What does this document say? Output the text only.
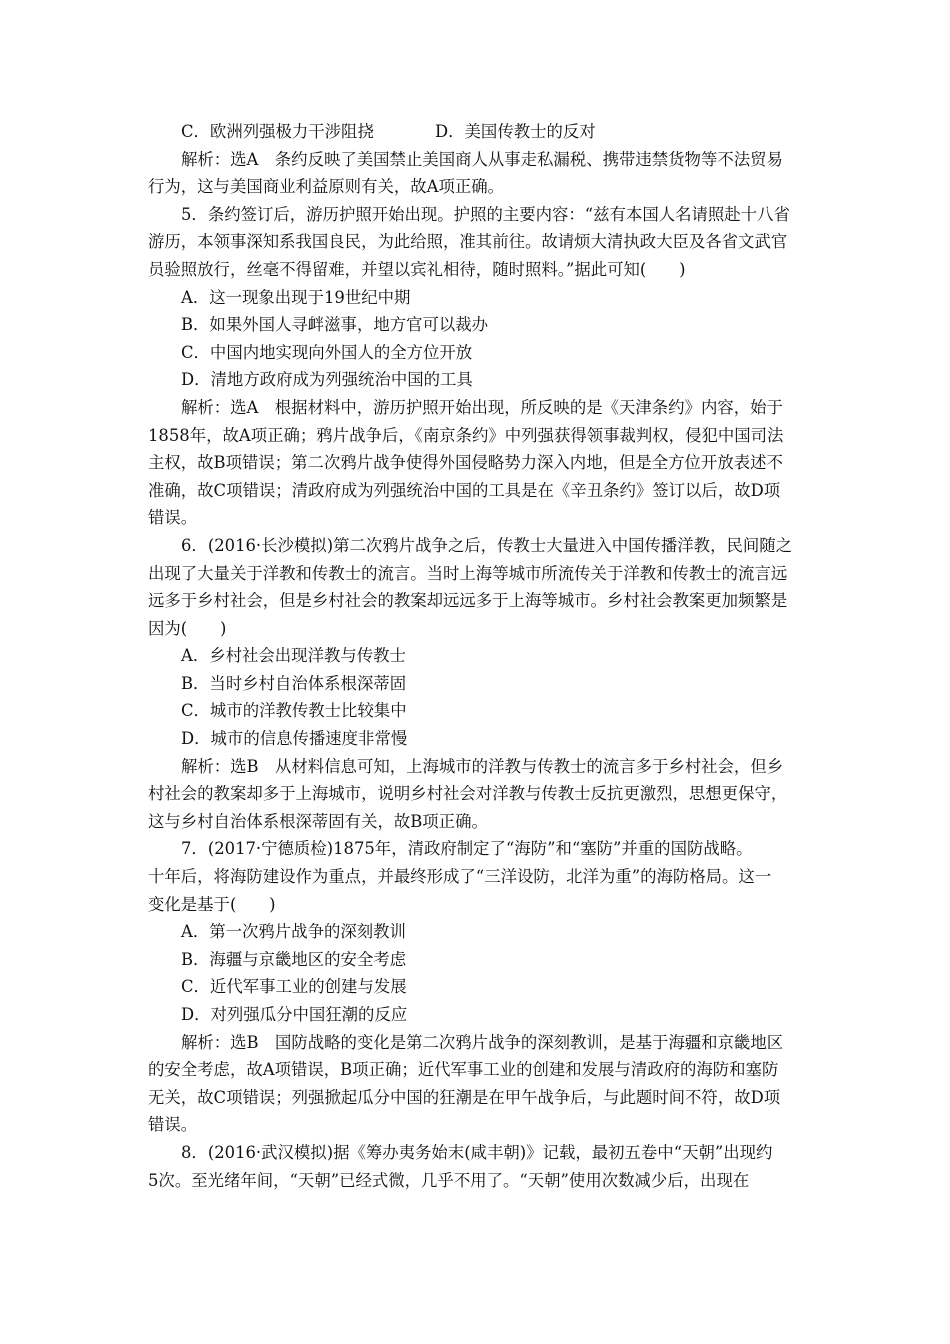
C．欧洲列强极力干涉阻挠	D．美国传教士的反对

解析：选A　条约反映了美国禁止美国商人从事走私漏税、携带违禁货物等不法贸易

行为，这与美国商业利益原则有关，故A项正确。

5．条约签订后，游历护照开始出现。护照的主要内容：“兹有本国人名请照赴十八省

游历，本领事深知系我国良民，为此给照，准其前往。故请烦大清执政大臣及各省文武官

员验照放行，丝毫不得留难，并望以宾礼相待，随时照料。”据此可知(　　)

A．这一现象出现于19世纪中期

B．如果外国人寻衅滋事，地方官可以裁办

C．中国内地实现向外国人的全方位开放

D．清地方政府成为列强统治中国的工具

解析：选A　根据材料中，游历护照开始出现，所反映的是《天津条约》内容，始于

1858年，故A项正确；鸦片战争后，《南京条约》中列强获得领事裁判权，侵犯中国司法

主权，故B项错误；第二次鸦片战争使得外国侵略势力深入内地，但是全方位开放表述不

准确，故C项错误；清政府成为列强统治中国的工具是在《辛丑条约》签订以后，故D项

错误。

6．(2016·长沙模拟)第二次鸦片战争之后，传教士大量进入中国传播洋教，民间随之

出现了大量关于洋教和传教士的流言。当时上海等城市所流传关于洋教和传教士的流言远

远多于乡村社会，但是乡村社会的教案却远远多于上海等城市。乡村社会教案更加频繁是

因为(　　)

A．乡村社会出现洋教与传教士

B．当时乡村自治体系根深蒂固

C．城市的洋教传教士比较集中

D．城市的信息传播速度非常慢

解析：选B　从材料信息可知，上海城市的洋教与传教士的流言多于乡村社会，但乡

村社会的教案却多于上海城市，说明乡村社会对洋教与传教士反抗更激烈，思想更保守，

这与乡村自治体系根深蒂固有关，故B项正确。

7．(2017·宁德质检)1875年，清政府制定了“海防”和“塞防”并重的国防战略。

十年后，将海防建设作为重点，并最终形成了“三洋设防，北洋为重”的海防格局。这一

变化是基于(　　)

A．第一次鸦片战争的深刻教训

B．海疆与京畿地区的安全考虑

C．近代军事工业的创建与发展

D．对列强瓜分中国狂潮的反应

解析：选B　国防战略的变化是第二次鸦片战争的深刻教训，是基于海疆和京畿地区

的安全考虑，故A项错误，B项正确；近代军事工业的创建和发展与清政府的海防和塞防

无关，故C项错误；列强掀起瓜分中国的狂潮是在甲午战争后，与此题时间不符，故D项

错误。

8．(2016·武汉模拟)据《筹办夷务始末(咸丰朝)》记载，最初五卷中“天朝”出现约

5次。至光绪年间，“天朝”已经式微，几乎不用了。“天朝”使用次数减少后，出现在
